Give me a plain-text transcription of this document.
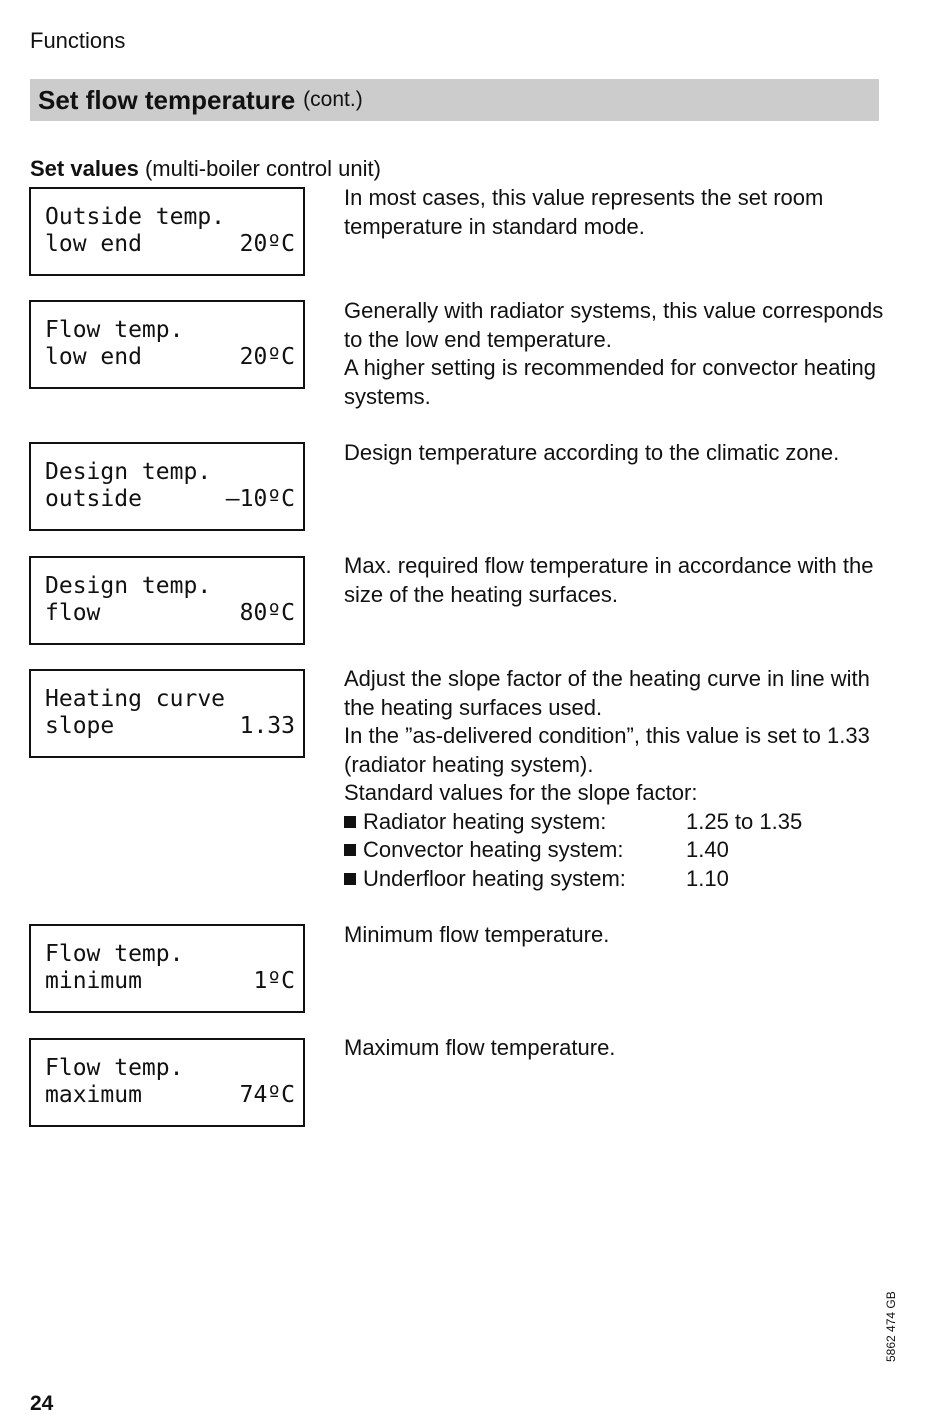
Functions
Set flow temperature (cont.)
Set values (multi-boiler control unit)
Outside temp.
low end	20ºC

In most cases, this value represents the set room temperature in standard mode.

Flow temp.
low end	20ºC

Generally with radiator systems, this value corresponds to the low end temperature.

A higher setting is recommended for convector heating systems.

Design temp.
outside	–10ºC

Design temperature according to the climatic zone.

Design temp.
flow	80ºC

Max. required flow temperature in accordance with the size of the heating surfaces.

Heating curve
slope	1.33

Adjust the slope factor of the heating curve in line with the heating surfaces used.

In the ”as-delivered condition”, this value is set to 1.33 (radiator heating system).

Standard values for the slope factor:

Radiator heating system:	1.25 to 1.35
Convector heating system:	1.40
Underfloor heating system:	1.10
Flow temp.
minimum	1ºC

Minimum flow temperature.

Flow temp.
maximum	74ºC

Maximum flow temperature.

5862 474 GB
24
